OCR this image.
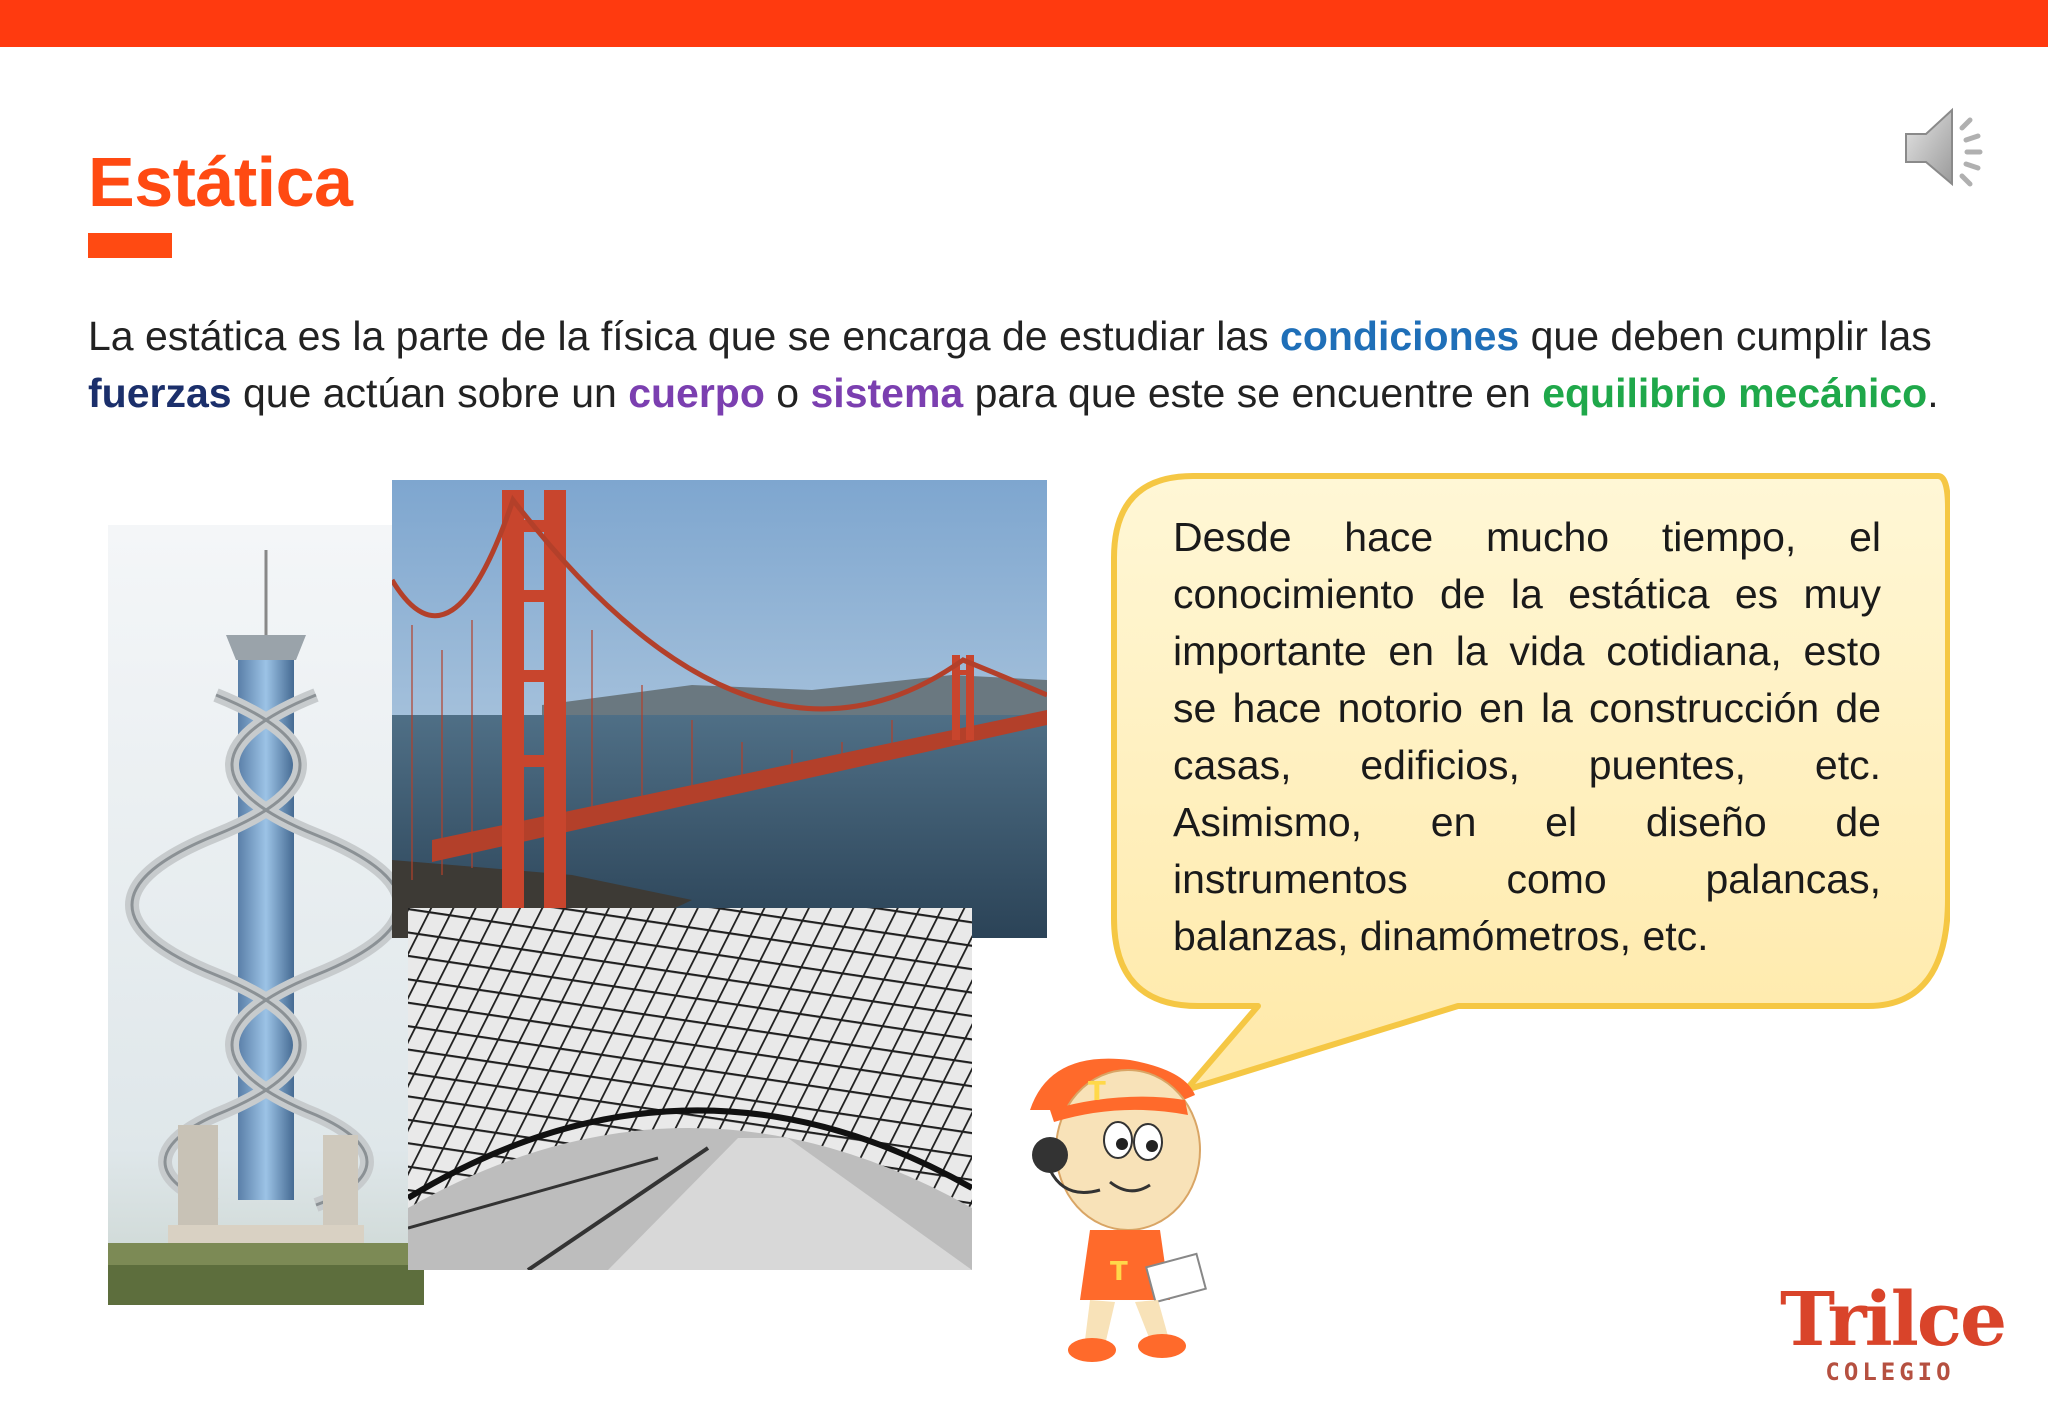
Estática
La estática es la parte de la física que se encarga de estudiar las condiciones que deben cumplir las fuerzas que actúan sobre un cuerpo o sistema para que este se encuentre en equilibrio mecánico.
Desde hace mucho tiempo, el conocimiento de la estática es muy importante en la vida cotidiana, esto se hace notorio en la construcción de casas, edificios, puentes, etc. Asimismo, en el diseño de instrumentos como palancas, balanzas, dinamómetros, etc.
T
T
Trilce
COLEGIO
